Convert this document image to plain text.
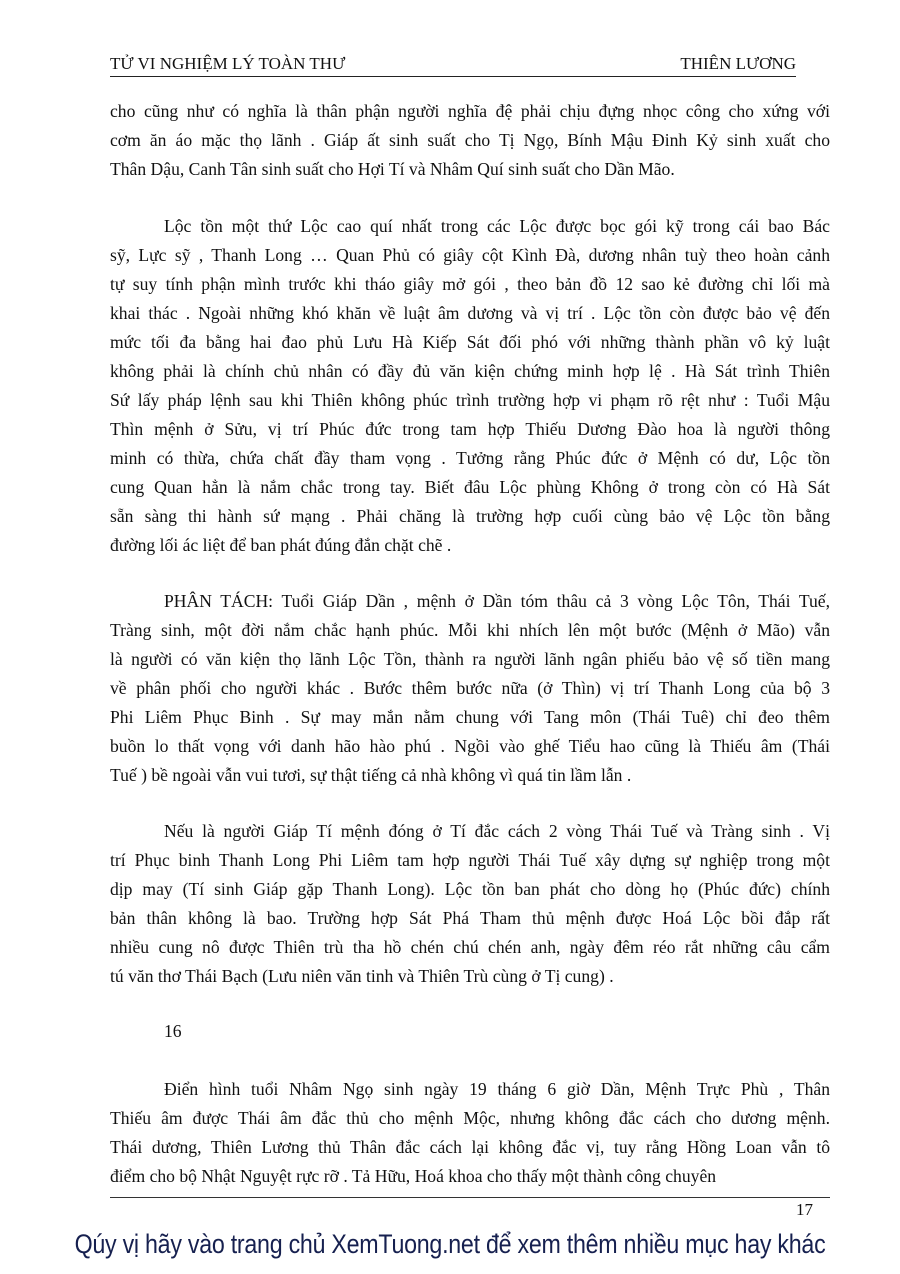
TỬ VI NGHIỆM LÝ TOÀN THƯ	THIÊN LƯƠNG
cho cũng như có nghĩa là thân phận người nghĩa đệ phải chịu đựng nhọc công cho xứng với
cơm ăn áo mặc thọ lãnh . Giáp ất sinh suất cho Tị Ngọ, Bính Mậu Đinh Kỷ sinh xuất cho
Thân Dậu, Canh Tân sinh suất cho Hợi Tí và Nhâm Quí sinh suất cho Dần Mão.
Lộc tồn một thứ Lộc cao quí nhất trong các Lộc được bọc gói kỹ trong cái bao Bác
sỹ, Lực sỹ , Thanh Long … Quan Phủ có giây cột Kình Đà, dương nhân tuỳ theo hoàn cảnh
tự suy tính phận mình trước khi tháo giây mở gói , theo bản đồ 12 sao kẻ đường chỉ lối mà
khai thác . Ngoài những khó khăn về luật âm dương và vị trí . Lộc tồn còn được bảo vệ đến
mức tối đa bằng hai đao phủ Lưu Hà Kiếp Sát đối phó với những thành phần vô kỷ luật
không phải là chính chủ nhân có đầy đủ văn kiện chứng minh hợp lệ . Hà Sát trình Thiên
Sứ lấy pháp lệnh sau khi Thiên không phúc trình trường hợp vi phạm rõ rệt như : Tuổi Mậu
Thìn mệnh ở Sửu, vị trí Phúc đức trong tam hợp Thiếu Dương Đào hoa là người thông
minh có thừa, chứa chất đầy tham vọng . Tưởng rằng Phúc đức ở Mệnh có dư, Lộc tồn
cung Quan hẳn là nắm chắc trong tay. Biết đâu Lộc phùng Không ở trong còn có Hà Sát
sẵn sàng thi hành sứ mạng . Phải chăng là trường hợp cuối cùng bảo vệ Lộc tồn bằng
đường lối ác liệt để ban phát đúng đắn chặt chẽ .
PHÂN TÁCH: Tuổi Giáp Dần , mệnh ở Dần tóm thâu cả 3 vòng Lộc Tôn, Thái Tuế,
Tràng sinh, một đời nắm chắc hạnh phúc. Mỗi khi nhích lên một bước (Mệnh ở Mão) vẫn
là người có văn kiện thọ lãnh Lộc Tồn, thành ra người lãnh ngân phiếu bảo vệ số tiền mang
về phân phối cho người khác . Bước thêm bước nữa (ở Thìn) vị trí Thanh Long của bộ 3
Phi Liêm Phục Binh . Sự may mắn nằm chung với Tang môn (Thái Tuê) chỉ đeo thêm
buồn lo thất vọng với danh hão hào phú . Ngồi vào ghế Tiểu hao cũng là Thiếu âm (Thái
Tuế ) bề ngoài vẫn vui tươi, sự thật tiếng cả nhà không vì quá tin lầm lẫn .
Nếu là người Giáp Tí mệnh đóng ở Tí đắc cách 2 vòng Thái Tuế và Tràng sinh . Vị
trí Phục binh Thanh Long Phi Liêm tam hợp người Thái Tuế xây dựng sự nghiệp trong một
dịp may (Tí sinh Giáp gặp Thanh Long). Lộc tồn ban phát cho dòng họ (Phúc đức) chính
bản thân không là bao. Trường hợp Sát Phá Tham thủ mệnh được Hoá Lộc bồi đắp rất
nhiều cung nô được Thiên trù tha hồ chén chú chén anh, ngày đêm réo rắt những câu cẩm
tú văn thơ Thái Bạch (Lưu niên văn tinh và Thiên Trù cùng ở Tị cung) .
16
Điển hình tuổi Nhâm Ngọ sinh ngày 19 tháng 6 giờ Dần, Mệnh Trực Phù , Thân
Thiếu âm được Thái âm đắc thủ cho mệnh Mộc, nhưng không đắc cách cho dương mệnh.
Thái dương, Thiên Lương thủ Thân đắc cách lại không đắc vị, tuy rằng Hồng Loan vẫn tô
điểm cho bộ Nhật Nguyệt rực rỡ . Tả Hữu, Hoá khoa cho thấy một thành công chuyên
17
Qúy vị hãy vào trang chủ XemTuong.net để xem thêm nhiều mục hay khác
